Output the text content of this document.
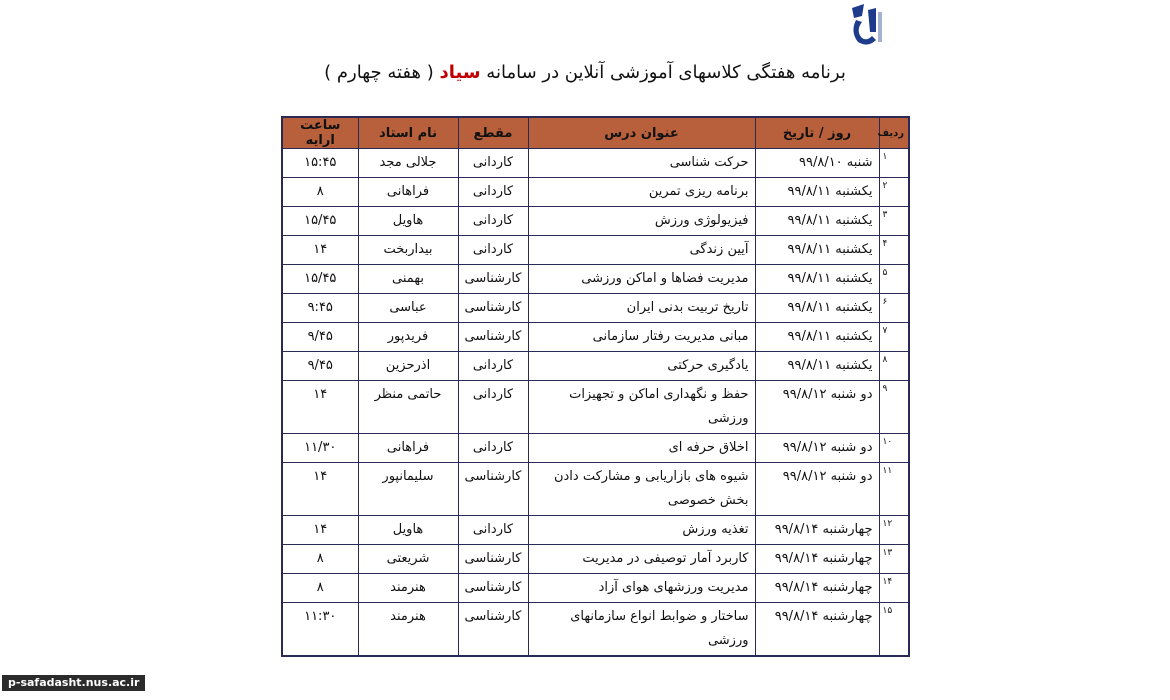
برنامه هفتگی کلاسهای آموزشی آنلاین در سامانه سیاد ( هفته چهارم )
ردیف	روز / تاریخ	عنوان درس	مقطع	نام استاد	ساعت ارایه
۱	شنبه ۹۹/۸/۱۰	حرکت شناسی	کاردانی	جلالی مجد	۱۵:۴۵
۲	یکشنبه ۹۹/۸/۱۱	برنامه ریزی تمرین	کاردانی	فراهانی	۸
۳	یکشنبه ۹۹/۸/۱۱	فیزیولوژی ورزش	کاردانی	هاویل	۱۵/۴۵
۴	یکشنبه ۹۹/۸/۱۱	آیین زندگی	کاردانی	بیداربخت	۱۴
۵	یکشنبه ۹۹/۸/۱۱	مدیریت فضاها و اماکن ورزشی	کارشناسی	بهمنی	۱۵/۴۵
۶	یکشنبه ۹۹/۸/۱۱	تاریخ تربیت بدنی ایران	کارشناسی	عباسی	۹:۴۵
۷	یکشنبه ۹۹/۸/۱۱	مبانی مدیریت رفتار سازمانی	کارشناسی	فریدپور	۹/۴۵
۸	یکشنبه ۹۹/۸/۱۱	یادگیری حرکتی	کاردانی	اذرحزین	۹/۴۵
۹	دو شنبه ۹۹/۸/۱۲	حفظ و نگهداری اماکن و تجهیزات ورزشی	کاردانی	حاتمی منظر	۱۴
۱۰	دو شنبه ۹۹/۸/۱۲	اخلاق حرفه ای	کاردانی	فراهانی	۱۱/۳۰
۱۱	دو شنبه ۹۹/۸/۱۲	شیوه های بازاریابی و مشارکت دادن بخش خصوصی	کارشناسی	سلیمانپور	۱۴
۱۲	چهارشنبه ۹۹/۸/۱۴	تغذیه ورزش	کاردانی	هاویل	۱۴
۱۳	چهارشنبه ۹۹/۸/۱۴	کاربرد آمار توصیفی در مدیریت	کارشناسی	شریعتی	۸
۱۴	چهارشنبه ۹۹/۸/۱۴	مدیریت ورزشهای هوای آزاد	کارشناسی	هنرمند	۸
۱۵	چهارشنبه ۹۹/۸/۱۴	ساختار و ضوابط انواع سازمانهای ورزشی	کارشناسی	هنرمند	۱۱:۳۰
p-safadasht.nus.ac.ir
